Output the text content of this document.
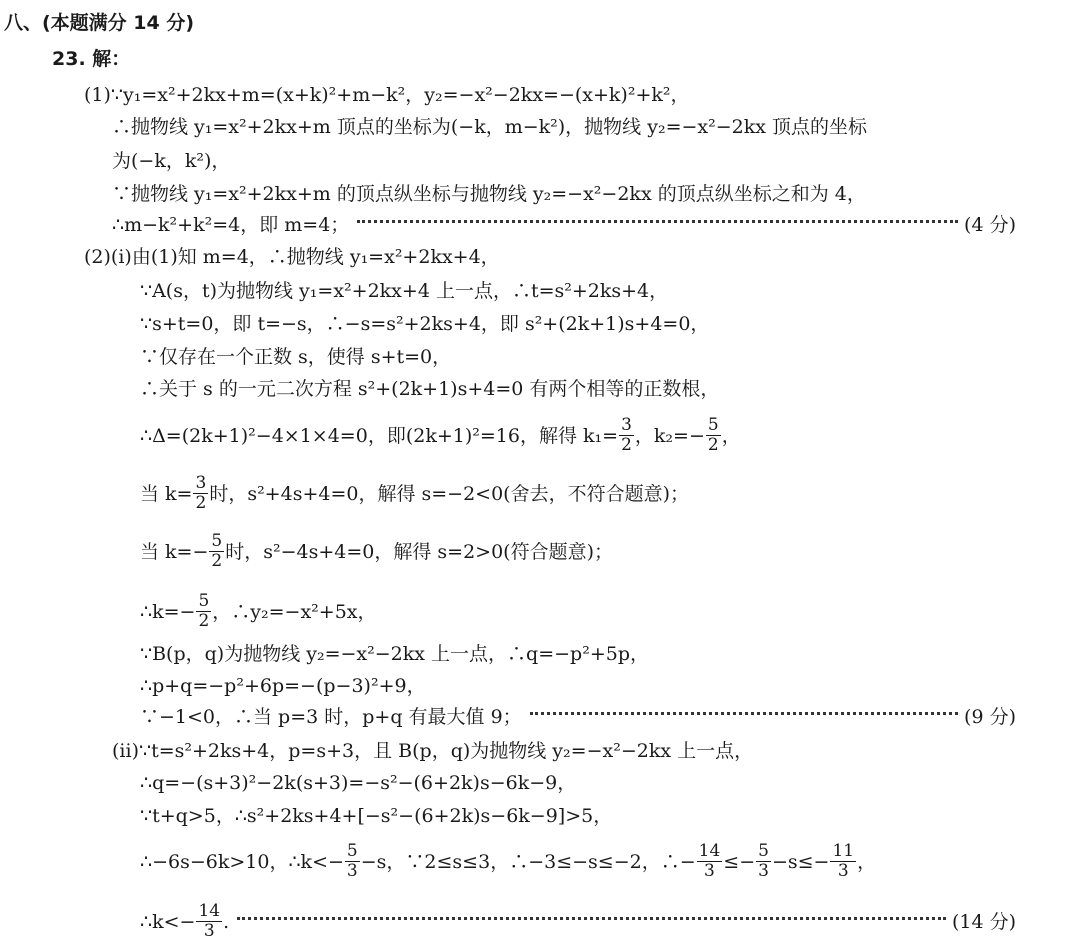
八、(本题满分 14 分)
23. 解：
(1)∵y₁=x²+2kx+m=(x+k)²+m−k²，y₂=−x²−2kx=−(x+k)²+k²，
∴抛物线 y₁=x²+2kx+m 顶点的坐标为(−k，m−k²)，抛物线 y₂=−x²−2kx 顶点的坐标
为(−k，k²)，
∵抛物线 y₁=x²+2kx+m 的顶点纵坐标与抛物线 y₂=−x²−2kx 的顶点纵坐标之和为 4，
∴m−k²+k²=4，即 m=4；	(4 分)
(2)(i)由(1)知 m=4，∴抛物线 y₁=x²+2kx+4，
∵A(s，t)为抛物线 y₁=x²+2kx+4 上一点，∴t=s²+2ks+4，
∵s+t=0，即 t=−s，∴−s=s²+2ks+4，即 s²+(2k+1)s+4=0，
∵仅存在一个正数 s，使得 s+t=0，
∴关于 s 的一元二次方程 s²+(2k+1)s+4=0 有两个相等的正数根，
∴Δ=(2k+1)²−4×1×4=0，即(2k+1)²=16，解得 $k_1= \frac{3}{2}$ ，$k_2=- \frac{5}{2}$ ，
当 $k= \frac{3}{2}$ 时，s²+4s+4=0，解得 s=−2<0(舍去，不符合题意)；
当 $k=- \frac{5}{2}$ 时，s²−4s+4=0，解得 s=2>0(符合题意)；
∴k=− $\frac{5}{2}$ ，∴y₂=−x²+5x，
∵B(p，q)为抛物线 y₂=−x²−2kx 上一点，∴q=−p²+5p，
∴p+q=−p²+6p=−(p−3)²+9，
∵−1<0，∴当 p=3 时，p+q 有最大值 9；	(9 分)
(ii)∵t=s²+2ks+4，p=s+3，且 B(p，q)为抛物线 y₂=−x²−2kx 上一点，
∴q=−(s+3)²−2k(s+3)=−s²−(6+2k)s−6k−9，
∵t+q>5，∴s²+2ks+4+[−s²−(6+2k)s−6k−9]>5，
∴−6s−6k>10，∴k<− $\frac{5}{3} -s$，∵2≤s≤3，∴−3≤−s≤−2，∴− $\frac{14}{3} \le- \frac{5}{3} -s\le- \frac{11}{3}$ ，
∴k<− $\frac{14}{3}$ .	(14 分)
